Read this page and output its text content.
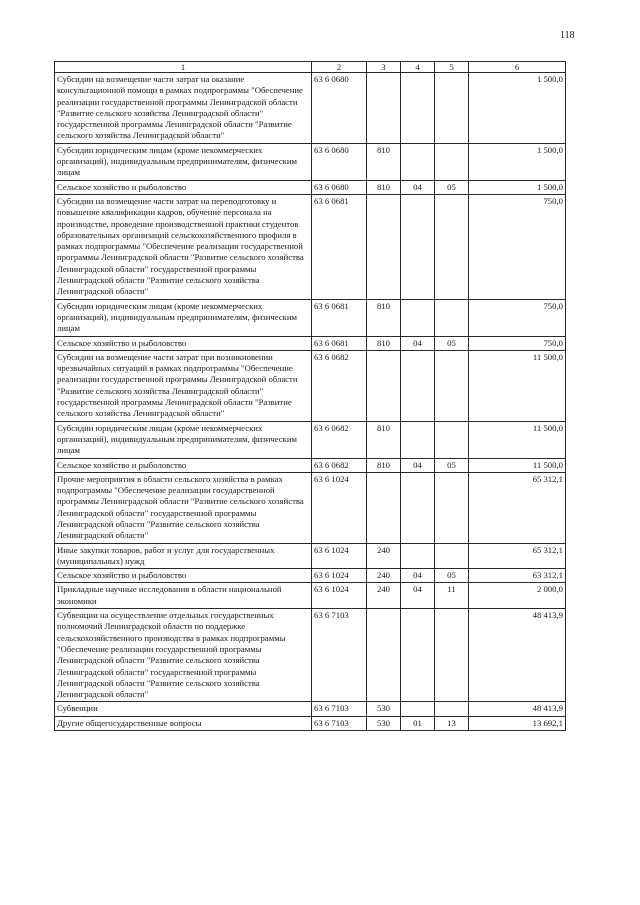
118
1	2	3	4	5	6
Субсидии на возмещение части затрат на оказание консультационной помощи в рамках подпрограммы "Обеспечение реализации государственной программы Ленинградской области "Развитие сельского хозяйства Ленинградской области" государственной программы Ленинградской области "Развитие сельского хозяйства Ленинградской области"	63 6 0680				1 500,0
Субсидии юридическим лицам (кроме некоммерческих организаций), индивидуальным предпринимателям, физическим лицам	63 6 0680	810			1 500,0
Сельское хозяйство и рыболовство	63 6 0680	810	04	05	1 500,0
Субсидии на возмещение части затрат на переподготовку и повышение квалификации кадров, обучение персонала на производстве, проведение производственной практики студентов образовательных организаций сельскохозяйственного профиля в рамках подпрограммы "Обеспечение реализации государственной программы Ленинградской области "Развитие сельского хозяйства Ленинградской области" государственной программы Ленинградской области "Развитие сельского хозяйства Ленинградской области"	63 6 0681				750,0
Субсидии юридическим лицам (кроме некоммерческих организаций), индивидуальным предпринимателям, физическим лицам	63 6 0681	810			750,0
Сельское хозяйство и рыболовство	63 6 0681	810	04	05	750,0
Субсидии на возмещение части затрат при возникновении чрезвычайных ситуаций в рамках подпрограммы "Обеспечение реализации государственной программы Ленинградской области "Развитие сельского хозяйства Ленинградской области" государственной программы Ленинградской области "Развитие сельского хозяйства Ленинградской области"	63 6 0682				11 500,0
Субсидии юридическим лицам (кроме некоммерческих организаций), индивидуальным предпринимателям, физическим лицам	63 6 0682	810			11 500,0
Сельское хозяйство и рыболовство	63 6 0682	810	04	05	11 500,0
Прочие мероприятия в области сельского хозяйства в рамках подпрограммы "Обеспечение реализации государственной программы Ленинградской области "Развитие сельского хозяйства Ленинградской области" государственной программы Ленинградской области "Развитие сельского хозяйства Ленинградской области"	63 6 1024				65 312,1
Иные закупки товаров, работ и услуг для государственных (муниципальных) нужд	63 6 1024	240			65 312,1
Сельское хозяйство и рыболовство	63 6 1024	240	04	05	63 312,1
Прикладные научные исследования в области национальной экономики	63 6 1024	240	04	11	2 000,0
Субвенции на осуществление отдельных государственных полномочий Ленинградской области по поддержке сельскохозяйственного производства в рамках подпрограммы "Обеспечение реализации государственной программы Ленинградской области "Развитие сельского хозяйства Ленинградской области" государственной программы Ленинградской области "Развитие сельского хозяйства Ленинградской области"	63 6 7103				48 413,9
Субвенции	63 6 7103	530			48 413,9
Другие общегосударственные вопросы	63 6 7103	530	01	13	13 692,1
